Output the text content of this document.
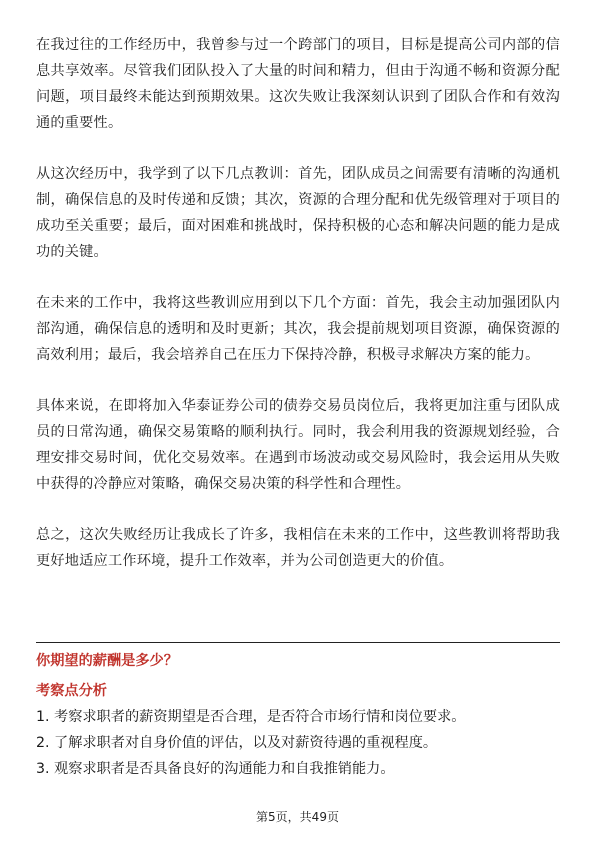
在我过往的工作经历中，我曾参与过一个跨部门的项目，目标是提高公司内部的信息共享效率。尽管我们团队投入了大量的时间和精力，但由于沟通不畅和资源分配问题，项目最终未能达到预期效果。这次失败让我深刻认识到了团队合作和有效沟通的重要性。

从这次经历中，我学到了以下几点教训：首先，团队成员之间需要有清晰的沟通机制，确保信息的及时传递和反馈；其次，资源的合理分配和优先级管理对于项目的成功至关重要；最后，面对困难和挑战时，保持积极的心态和解决问题的能力是成功的关键。

在未来的工作中，我将这些教训应用到以下几个方面：首先，我会主动加强团队内部沟通，确保信息的透明和及时更新；其次，我会提前规划项目资源，确保资源的高效利用；最后，我会培养自己在压力下保持冷静，积极寻求解决方案的能力。

具体来说，在即将加入华泰证券公司的债券交易员岗位后，我将更加注重与团队成员的日常沟通，确保交易策略的顺利执行。同时，我会利用我的资源规划经验，合理安排交易时间，优化交易效率。在遇到市场波动或交易风险时，我会运用从失败中获得的冷静应对策略，确保交易决策的科学性和合理性。

总之，这次失败经历让我成长了许多，我相信在未来的工作中，这些教训将帮助我更好地适应工作环境，提升工作效率，并为公司创造更大的价值。

你期望的薪酬是多少？

考察点分析

1. 考察求职者的薪资期望是否合理，是否符合市场行情和岗位要求。
2. 了解求职者对自身价值的评估，以及对薪资待遇的重视程度。
3. 观察求职者是否具备良好的沟通能力和自我推销能力。
第5页，共49页
